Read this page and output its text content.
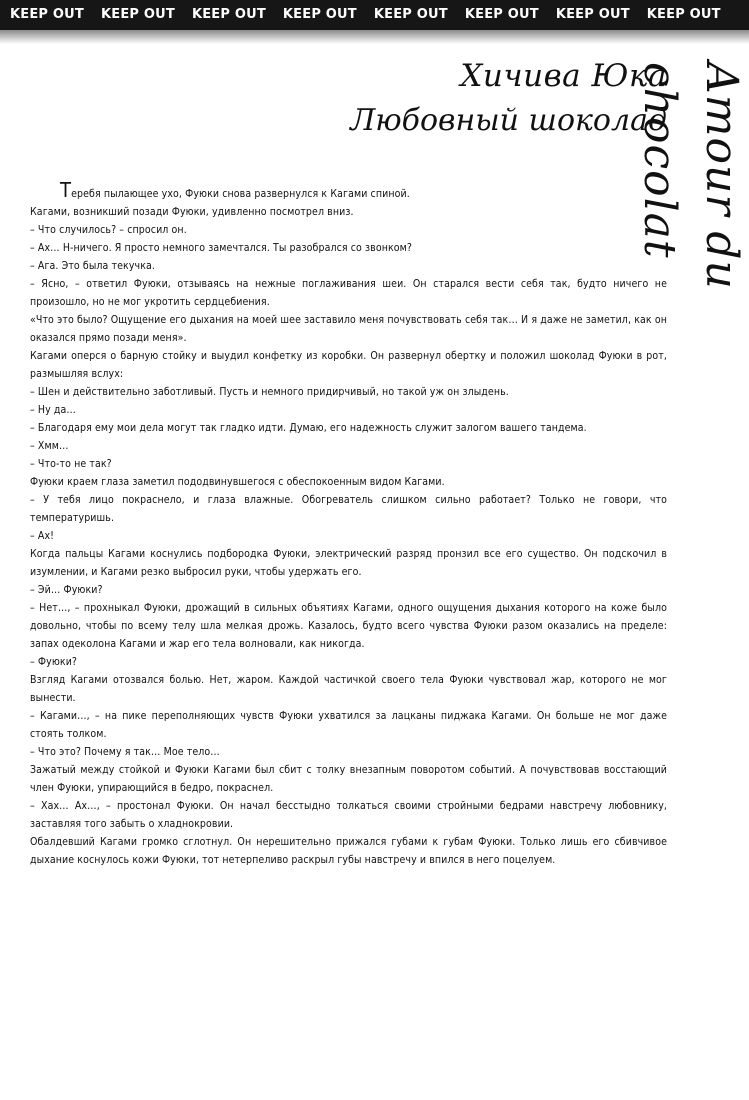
KEEP OUT KEEP OUT KEEP OUT KEEP OUT KEEP OUT KEEP OUT KEEP OUT KEEP OUT
Хичива Юка
Любовный шоколад Amour du chocolat

Теребя пылающее ухо, Фуюки снова развернулся к Кагами спиной.

Кагами, возникший позади Фуюки, удивленно посмотрел вниз.

– Что случилось? – спросил он.

– Ах… Н-ничего. Я просто немного замечтался. Ты разобрался со звонком?

– Ага. Это была текучка.

– Ясно, – ответил Фуюки, отзываясь на нежные поглаживания шеи. Он старался вести себя так, будто ничего не произошло, но не мог укротить сердцебиения.

«Что это было? Ощущение его дыхания на моей шее заставило меня почувствовать себя так… И я даже не заметил, как он оказался прямо позади меня».

Кагами оперся о барную стойку и выудил конфетку из коробки. Он развернул обертку и положил шоколад Фуюки в рот, размышляя вслух:

– Шен и действительно заботливый. Пусть и немного придирчивый, но такой уж он злыдень.

– Ну да…

– Благодаря ему мои дела могут так гладко идти. Думаю, его надежность служит залогом вашего тандема.

– Хмм…

– Что-то не так?

Фуюки краем глаза заметил пододвинувшегося с обеспокоенным видом Кагами.

– У тебя лицо покраснело, и глаза влажные. Обогреватель слишком сильно работает? Только не говори, что температуришь.

– Ах!

Когда пальцы Кагами коснулись подбородка Фуюки, электрический разряд пронзил все его существо. Он подскочил в изумлении, и Кагами резко выбросил руки, чтобы удержать его.

– Эй… Фуюки?

– Нет…, – прохныкал Фуюки, дрожащий в сильных объятиях Кагами, одного ощущения дыхания которого на коже было довольно, чтобы по всему телу шла мелкая дрожь. Казалось, будто всего чувства Фуюки разом оказались на пределе: запах одеколона Кагами и жар его тела волновали, как никогда.

– Фуюки?

Взгляд Кагами отозвался болью. Нет, жаром. Каждой частичкой своего тела Фуюки чувствовал жар, которого не мог вынести.

– Кагами…, – на пике переполняющих чувств Фуюки ухватился за лацканы пиджака Кагами. Он больше не мог даже стоять толком.

– Что это? Почему я так… Мое тело…

Зажатый между стойкой и Фуюки Кагами был сбит с толку внезапным поворотом событий. А почувствовав восстающий член Фуюки, упирающийся в бедро, покраснел.

– Хах… Ах…, – простонал Фуюки. Он начал бесстыдно толкаться своими стройными бедрами навстречу любовнику, заставляя того забыть о хладнокровии.

Обалдевший Кагами громко сглотнул. Он нерешительно прижался губами к губам Фуюки. Только лишь его сбивчивое дыхание коснулось кожи Фуюки, тот нетерпеливо раскрыл губы навстречу и впился в него поцелуем.
